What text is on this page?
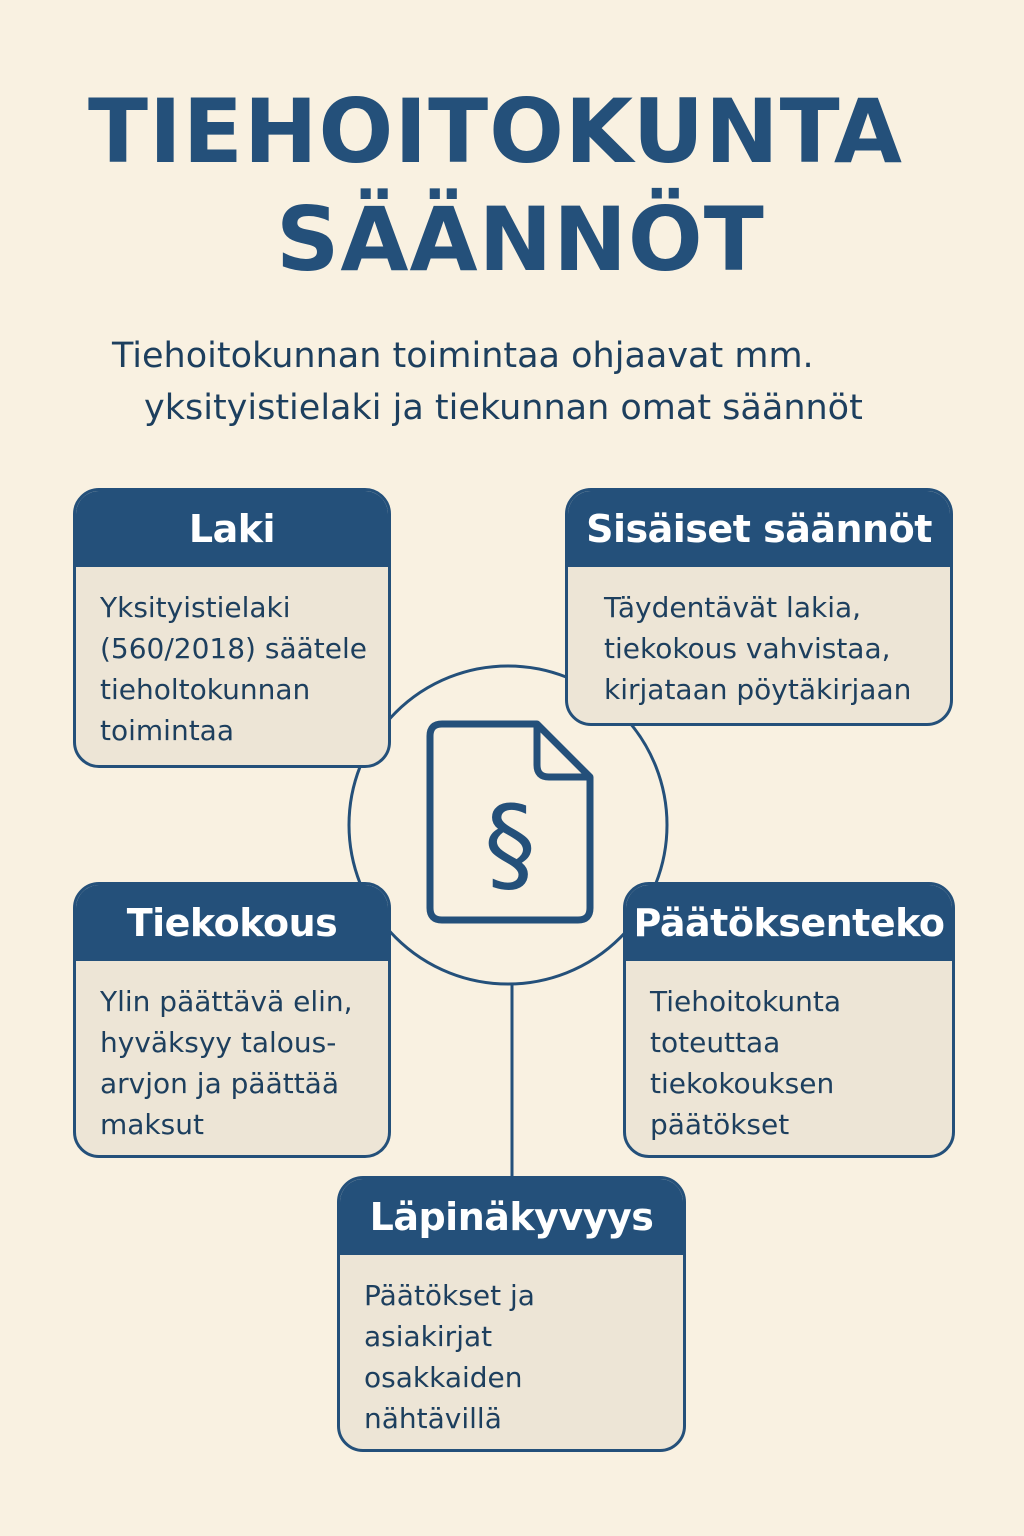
TIEHOITOKUNTA
SÄÄNNÖT
Tiehoitokunnan toimintaa ohjaavat mm.
yksityistielaki ja tiekunnan omat säännöt
§
Laki
Yksityistielaki
(560/2018) säätele
tieholtokunnan
toimintaa
Sisäiset säännöt
Täydentävät lakia,
tiekokous vahvistaa,
kirjataan pöytäkirjaan
Tiekokous
Ylin päättävä elin,
hyväksyy talous-
arvjon ja päättää
maksut
Päätöksenteko
Tiehoitokunta
toteuttaa
tiekokouksen
päätökset
Läpinäkyvyys
Päätökset ja
asiakirjat
osakkaiden
nähtävillä
